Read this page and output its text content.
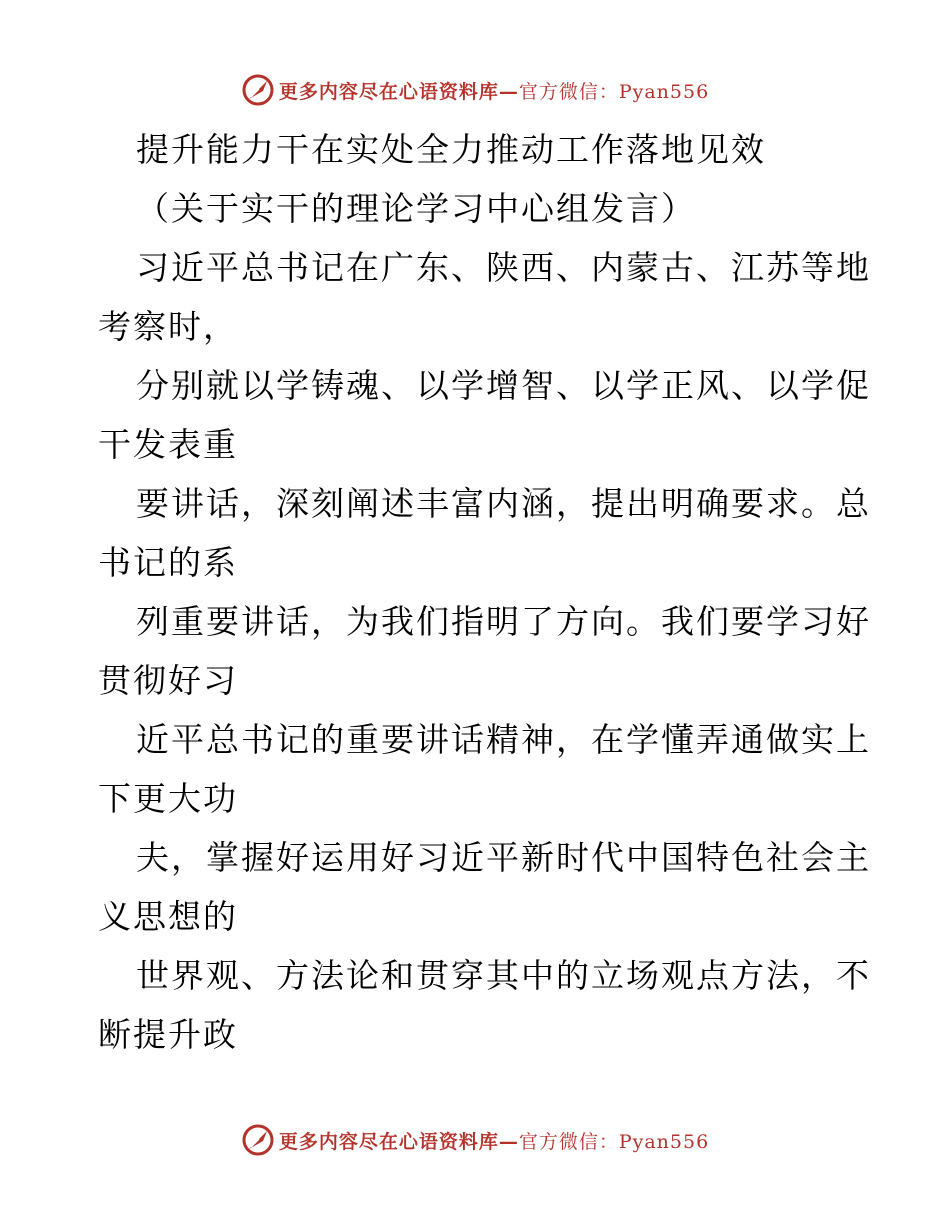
更多内容尽在心语资料库—官方微信：Pyan556
提升能力干在实处全力推动工作落地见效
（关于实干的理论学习中心组发言）
习近平总书记在广东、陕西、内蒙古、江苏等地
考察时，
分别就以学铸魂、以学增智、以学正风、以学促
干发表重
要讲话，深刻阐述丰富内涵，提出明确要求。总
书记的系
列重要讲话，为我们指明了方向。我们要学习好
贯彻好习
近平总书记的重要讲话精神，在学懂弄通做实上
下更大功
夫，掌握好运用好习近平新时代中国特色社会主
义思想的
世界观、方法论和贯穿其中的立场观点方法，不
断提升政
更多内容尽在心语资料库—官方微信：Pyan556
